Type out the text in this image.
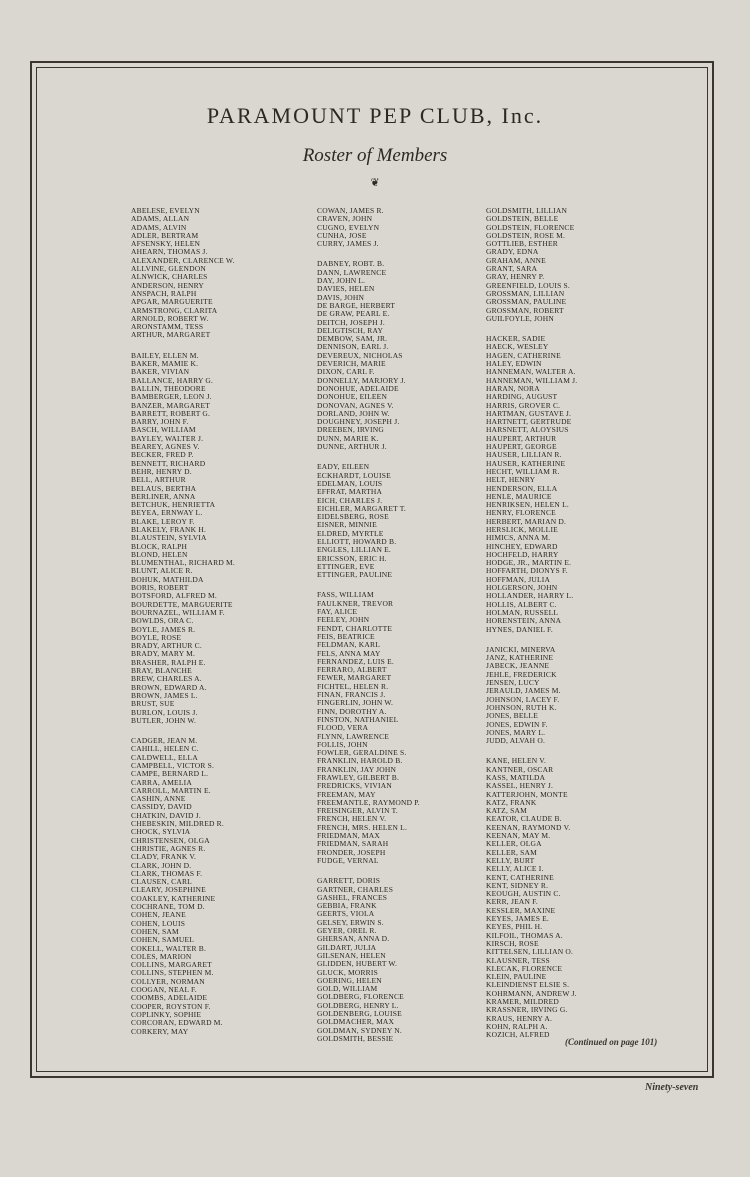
PARAMOUNT PEP CLUB, Inc.
Roster of Members
❦
ABELESE, EVELYN
ADAMS, ALLAN
ADAMS, ALVIN
ADLER, BERTRAM
AFSENSKY, HELEN
AHEARN, THOMAS J.
ALEXANDER, CLARENCE W.
ALLVINE, GLENDON
ALNWICK, CHARLES
ANDERSON, HENRY
ANSPACH, RALPH
APGAR, MARGUERITE
ARMSTRONG, CLARITA
ARNOLD, ROBERT W.
ARONSTAMM, TESS
ARTHUR, MARGARET
BAILEY, ELLEN M.
BAKER, MAMIE K.
BAKER, VIVIAN
BALLANCE, HARRY G.
BALLIN, THEODORE
BAMBERGER, LEON J.
BANZER, MARGARET
BARRETT, ROBERT G.
BARRY, JOHN F.
BASCH, WILLIAM
BAYLEY, WALTER J.
BEAREY, AGNES V.
BECKER, FRED P.
BENNETT, RICHARD
BEHR, HENRY D.
BELL, ARTHUR
BELAUS, BERTHA
BERLINER, ANNA
BETCHUK, HENRIETTA
BEYEA, ERNWAY L.
BLAKE, LEROY F.
BLAKELY, FRANK H.
BLAUSTEIN, SYLVIA
BLOCK, RALPH
BLOND, HELEN
BLUMENTHAL, RICHARD M.
BLUNT, ALICE R.
BOHUK, MATHILDA
BORIS, ROBERT
BOTSFORD, ALFRED M.
BOURDETTE, MARGUERITE
BOURNAZEL, WILLIAM F.
BOWLDS, ORA C.
BOYLE, JAMES R.
BOYLE, ROSE
BRADY, ARTHUR C.
BRADY, MARY M.
BRASHER, RALPH E.
BRAY, BLANCHE
BREW, CHARLES A.
BROWN, EDWARD A.
BROWN, JAMES L.
BRUST, SUE
BURLON, LOUIS J.
BUTLER, JOHN W.
CADGER, JEAN M.
CAHILL, HELEN C.
CALDWELL, ELLA
CAMPBELL, VICTOR S.
CAMPE, BERNARD L.
CARRA, AMELIA
CARROLL, MARTIN E.
CASHIN, ANNE
CASSIDY, DAVID
CHATKIN, DAVID J.
CHEBESKIN, MILDRED R.
CHOCK, SYLVIA
CHRISTENSEN, OLGA
CHRISTIE, AGNES R.
CLADY, FRANK V.
CLARK, JOHN D.
CLARK, THOMAS F.
CLAUSEN, CARL
CLEARY, JOSEPHINE
COAKLEY, KATHERINE
COCHRANE, TOM D.
COHEN, JEANE
COHEN, LOUIS
COHEN, SAM
COHEN, SAMUEL
COKELL, WALTER B.
COLES, MARION
COLLINS, MARGARET
COLLINS, STEPHEN M.
COLLYER, NORMAN
COOGAN, NEAL F.
COOMBS, ADELAIDE
COOPER, ROYSTON F.
COPLINKY, SOPHIE
CORCORAN, EDWARD M.
CORKERY, MAY
COWAN, JAMES R.
CRAVEN, JOHN
CUGNO, EVELYN
CUNHA, JOSE
CURRY, JAMES J.
DABNEY, ROBT. B.
DANN, LAWRENCE
DAY, JOHN L.
DAVIES, HELEN
DAVIS, JOHN
DE BARGE, HERBERT
DE GRAW, PEARL E.
DEITCH, JOSEPH J.
DELIGTISCH, RAY
DEMBOW, SAM, JR.
DENNISON, EARL J.
DEVEREUX, NICHOLAS
DEVERICH, MARIE
DIXON, CARL F.
DONNELLY, MARJORY J.
DONOHUE, ADELAIDE
DONOHUE, EILEEN
DONOVAN, AGNES V.
DORLAND, JOHN W.
DOUGHNEY, JOSEPH J.
DREEBEN, IRVING
DUNN, MARIE K.
DUNNE, ARTHUR J.
EADY, EILEEN
ECKHARDT, LOUISE
EDELMAN, LOUIS
EFFRAT, MARTHA
EICH, CHARLES J.
EICHLER, MARGARET T.
EIDELSBERG, ROSE
EISNER, MINNIE
ELDRED, MYRTLE
ELLIOTT, HOWARD B.
ENGLES, LILLIAN E.
ERICSSON, ERIC H.
ETTINGER, EVE
ETTINGER, PAULINE
FASS, WILLIAM
FAULKNER, TREVOR
FAY, ALICE
FEELEY, JOHN
FENDT, CHARLOTTE
FEIS, BEATRICE
FELDMAN, KARL
FELS, ANNA MAY
FERNANDEZ, LUIS E.
FERRARO, ALBERT
FEWER, MARGARET
FICHTEL, HELEN R.
FINAN, FRANCIS J.
FINGERLIN, JOHN W.
FINN, DOROTHY A.
FINSTON, NATHANIEL
FLOOD, VERA
FLYNN, LAWRENCE
FOLLIS, JOHN
FOWLER, GERALDINE S.
FRANKLIN, HAROLD B.
FRANKLIN, JAY JOHN
FRAWLEY, GILBERT B.
FREDRICKS, VIVIAN
FREEMAN, MAY
FREEMANTLE, RAYMOND P.
FREISINGER, ALVIN T.
FRENCH, HELEN V.
FRENCH, MRS. HELEN L.
FRIEDMAN, MAX
FRIEDMAN, SARAH
FRONDER, JOSEPH
FUDGE, VERNAL
GARRETT, DORIS
GARTNER, CHARLES
GASHEL, FRANCES
GEBBIA, FRANK
GEERTS, VIOLA
GELSEY, ERWIN S.
GEYER, OREL R.
GHERSAN, ANNA D.
GILDART, JULIA
GILSENAN, HELEN
GLIDDEN, HUBERT W.
GLUCK, MORRIS
GOERING, HELEN
GOLD, WILLIAM
GOLDBERG, FLORENCE
GOLDBERG, HENRY L.
GOLDENBERG, LOUISE
GOLDMACHER, MAX
GOLDMAN, SYDNEY N.
GOLDSMITH, BESSIE
GOLDSMITH, LILLIAN
GOLDSTEIN, BELLE
GOLDSTEIN, FLORENCE
GOLDSTEIN, ROSE M.
GOTTLIEB, ESTHER
GRADY, EDNA
GRAHAM, ANNE
GRANT, SARA
GRAY, HENRY P.
GREENFIELD, LOUIS S.
GROSSMAN, LILLIAN
GROSSMAN, PAULINE
GROSSMAN, ROBERT
GUILFOYLE, JOHN
HACKER, SADIE
HAECK, WESLEY
HAGEN, CATHERINE
HALEY, EDWIN
HANNEMAN, WALTER A.
HANNEMAN, WILLIAM J.
HARAN, NORA
HARDING, AUGUST
HARRIS, GROVER C.
HARTMAN, GUSTAVE J.
HARTNETT, GERTRUDE
HARSNETT, ALOYSIUS
HAUPERT, ARTHUR
HAUPERT, GEORGE
HAUSER, LILLIAN R.
HAUSER, KATHERINE
HECHT, WILLIAM R.
HELT, HENRY
HENDERSON, ELLA
HENLE, MAURICE
HENRIKSEN, HELEN L.
HENRY, FLORENCE
HERBERT, MARIAN D.
HERSLICK, MOLLIE
HIMICS, ANNA M.
HINCHEY, EDWARD
HOCHFELD, HARRY
HODGE, JR., MARTIN E.
HOFFARTH, DIONYS F.
HOFFMAN, JULIA
HOLGERSON, JOHN
HOLLANDER, HARRY L.
HOLLIS, ALBERT C.
HOLMAN, RUSSELL
HORENSTEIN, ANNA
HYNES, DANIEL F.
JANICKI, MINERVA
JANZ, KATHERINE
JABECK, JEANNE
JEHLE, FREDERICK
JENSEN, LUCY
JERAULD, JAMES M.
JOHNSON, LACEY F.
JOHNSON, RUTH K.
JONES, BELLE
JONES, EDWIN F.
JONES, MARY L.
JUDD, ALVAH O.
KANE, HELEN V.
KANTNER, OSCAR
KASS, MATILDA
KASSEL, HENRY J.
KATTERJOHN, MONTE
KATZ, FRANK
KATZ, SAM
KEATOR, CLAUDE B.
KEENAN, RAYMOND V.
KEENAN, MAY M.
KELLER, OLGA
KELLER, SAM
KELLY, BURT
KELLY, ALICE I.
KENT, CATHERINE
KENT, SIDNEY R.
KEOUGH, AUSTIN C.
KERR, JEAN F.
KESSLER, MAXINE
KEYES, JAMES E.
KEYES, PHIL H.
KILFOIL, THOMAS A.
KIRSCH, ROSE
KITTELSEN, LILLIAN O.
KLAUSNER, TESS
KLECAK, FLORENCE
KLEIN, PAULINE
KLEINDIENST ELSIE S.
KOHRMANN, ANDREW J.
KRAMER, MILDRED
KRASSNER, IRVING G.
KRAUS, HENRY A.
KOHN, RALPH A.
KOZICH, ALFRED
(Continued on page 101)
Ninety-seven
